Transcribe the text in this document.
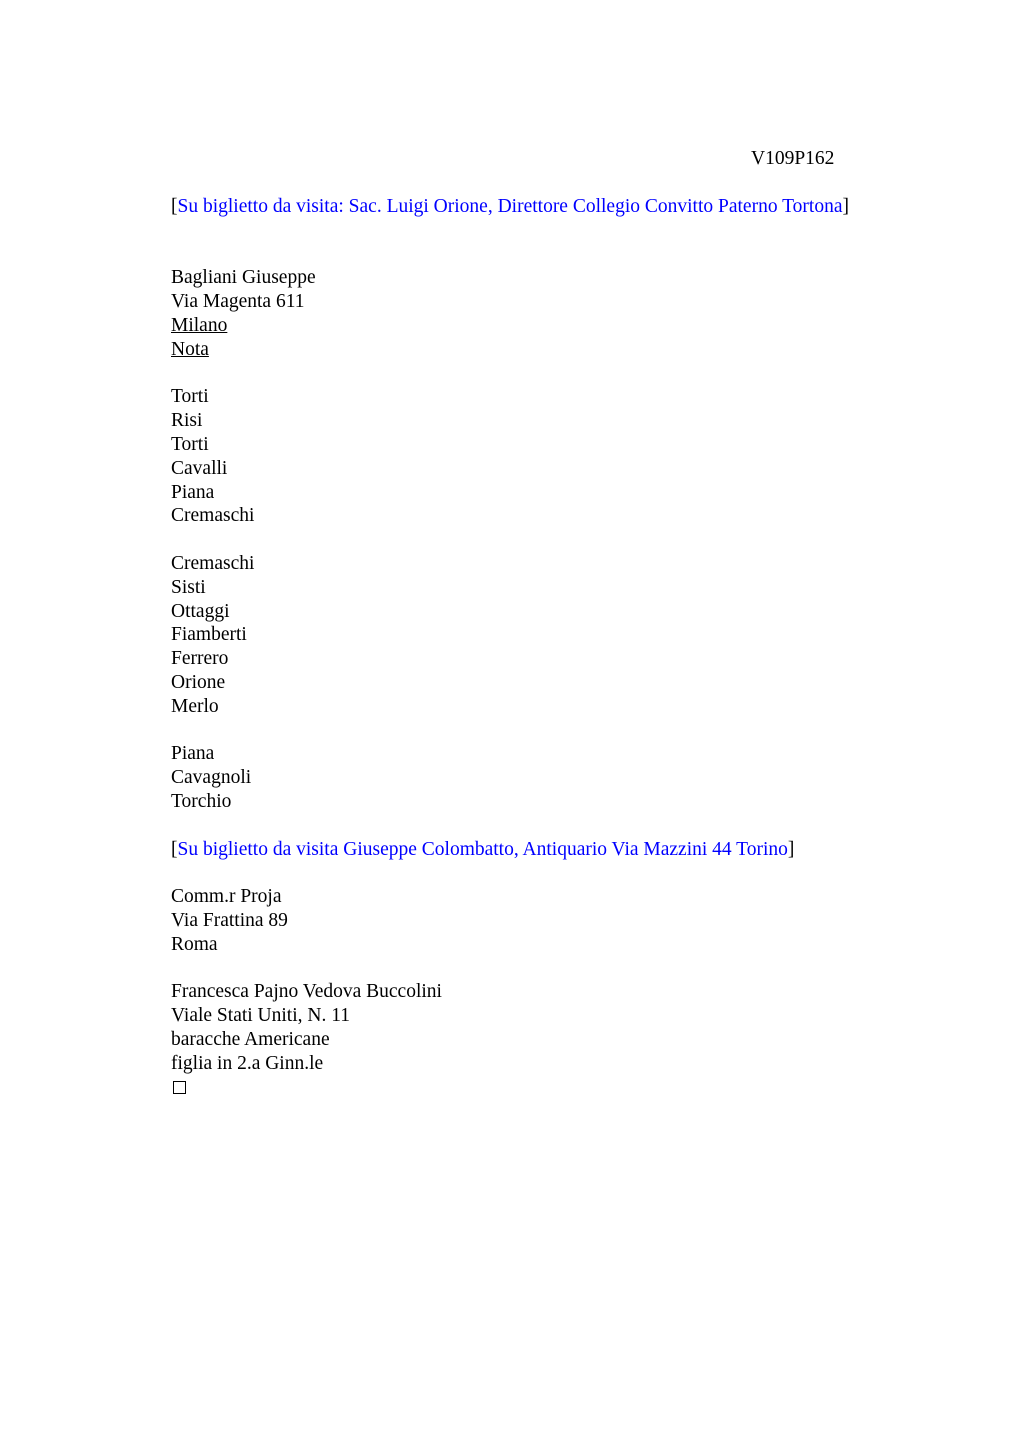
V109P162
[Su biglietto da visita: Sac. Luigi Orione, Direttore Collegio Convitto Paterno Tortona]
Bagliani Giuseppe
Via Magenta 611
Milano
Nota
Torti
Risi
Torti
Cavalli
Piana
Cremaschi
Cremaschi
Sisti
Ottaggi
Fiamberti
Ferrero
Orione
Merlo
Piana
Cavagnoli
Torchio
[Su biglietto da visita Giuseppe Colombatto, Antiquario Via Mazzini 44 Torino]
Comm.r Proja
Via Frattina 89
Roma
Francesca Pajno Vedova Buccolini
Viale Stati Uniti, N. 11
baracche Americane
figlia in 2.a Ginn.le
